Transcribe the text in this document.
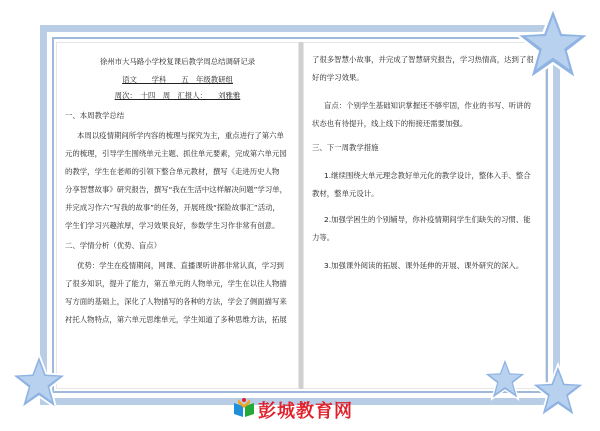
徐州市大马路小学校复课后教学周总结调研记录
语文　　学科　　五　年级教研组
周次：　十四　周　汇报人：　　刘雅雅
一、本周教学总结
本周以疫情期间所学内容的梳理与探究为主，重点进行了第六单
元的梳理，引导学生围绕单元主题、抓住单元要素，完成第六单元园
的教学，学生在老师的引领下整合单元教材，撰写《走进历史人物
分享智慧故事》研究报告，撰写“我在生活中这样解决问题”学习单，
并完成习作六“写我的故事”的任务，开展班级“探险故事汇”活动，
学生们学习兴趣浓厚，学习效果良好，参数学生习作非常有创意。
二、学情分析（优势、盲点）
优势：学生在疫情期间，网课、直播课听讲都非常认真，学习到
了很多知识，提升了能力，第五单元的人物单元，学生在以往人物描
写方面的基础上，深化了人物描写的各种的方法，学会了侧面描写来
衬托人物特点，第六单元思维单元，学生知道了多种思维方法，拓展
了很多智慧小故事，并完成了智慧研究报告，学习热情高，达到了很
好的学习效果。
盲点：个别学生基础知识掌握还不够牢固，作业的书写、听讲的
状态也有待提升，线上线下的衔接还需要加强。
三、下一周教学措施
1.继续围绕大单元理念教好单元化的教学设计，整体入手、整合
教材，整单元设计。
2.加强学困生的个别辅导，你补疫情期间学生们缺失的习惯、能
力等。
3.加强课外阅读的拓展、课外延伸的开展、课外研究的深入。
彭城教育网
